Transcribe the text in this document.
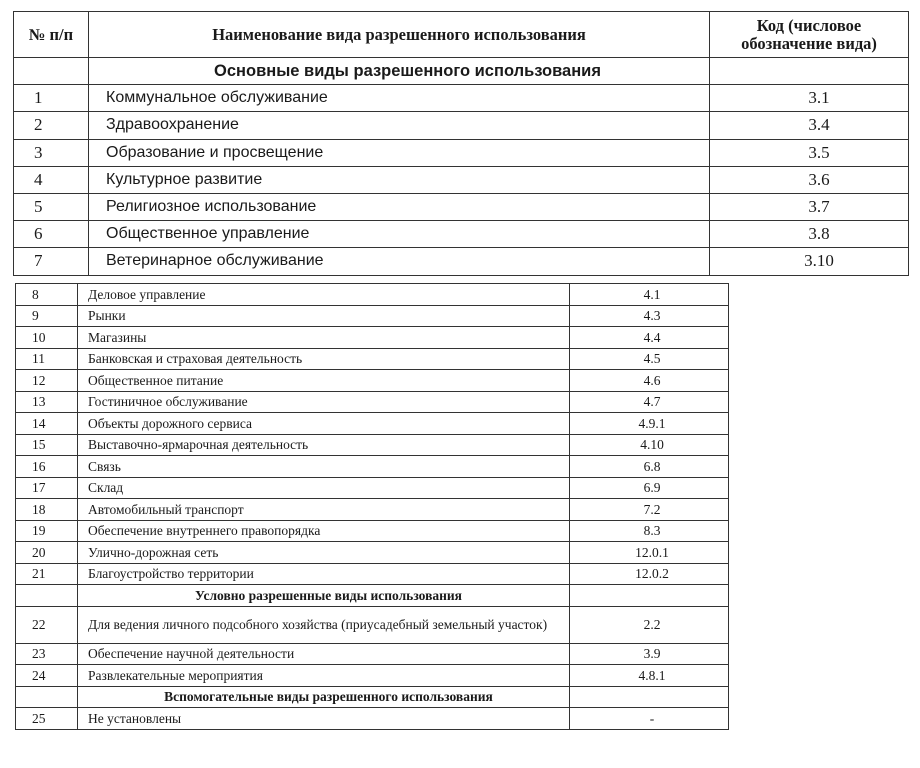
№ п/п	Наименование вида разрешенного использования	Код (числовое обозначение вида)
	Основные виды разрешенного использования	
1	Коммунальное обслуживание	3.1
2	Здравоохранение	3.4
3	Образование и просвещение	3.5
4	Культурное развитие	3.6
5	Религиозное использование	3.7
6	Общественное управление	3.8
7	Ветеринарное обслуживание	3.10
8	Деловое управление	4.1
9	Рынки	4.3
10	Магазины	4.4
11	Банковская и страховая деятельность	4.5
12	Общественное питание	4.6
13	Гостиничное обслуживание	4.7
14	Объекты дорожного сервиса	4.9.1
15	Выставочно-ярмарочная деятельность	4.10
16	Связь	6.8
17	Склад	6.9
18	Автомобильный транспорт	7.2
19	Обеспечение внутреннего правопорядка	8.3
20	Улично-дорожная сеть	12.0.1
21	Благоустройство территории	12.0.2
	Условно разрешенные виды использования	
22	Для ведения личного подсобного хозяйства (приусадебный земельный участок)	2.2
23	Обеспечение научной деятельности	3.9
24	Развлекательные мероприятия	4.8.1
	Вспомогательные виды разрешенного использования	
25	Не установлены	-
